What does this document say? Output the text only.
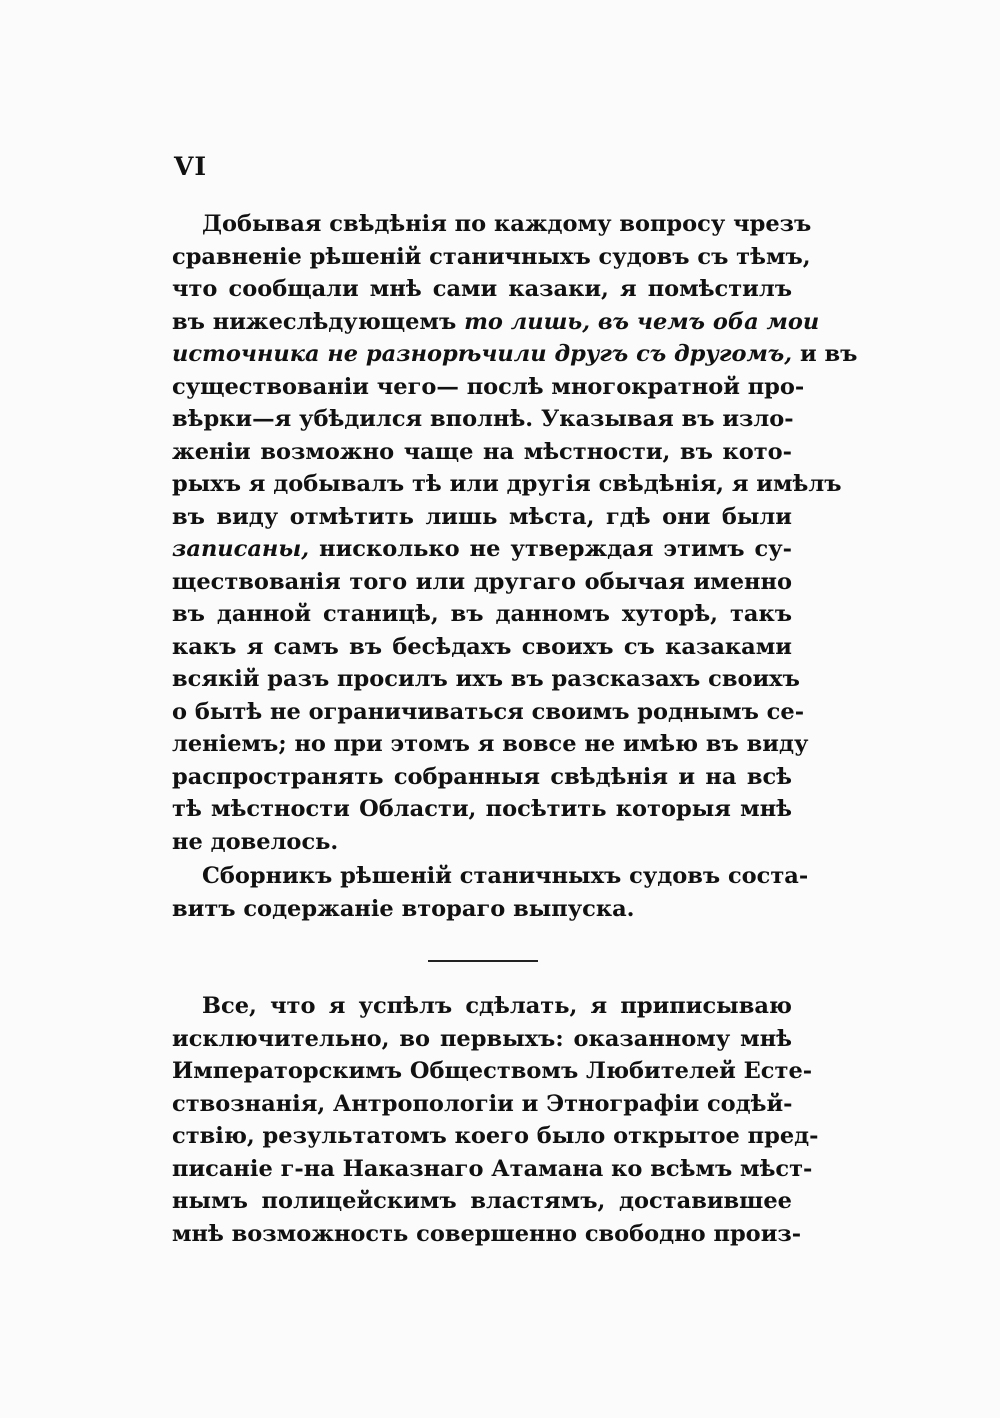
VI
Добывая свѣдѣнія по каждому вопросу чрезъ
сравненіе рѣшеній станичныхъ судовъ съ тѣмъ,
что сообщали мнѣ сами казаки, я помѣстилъ
въ нижеслѣдующемъ то лишь, въ чемъ оба мои
источника не разнорѣчили другъ съ другомъ, и въ
существованіи чего— послѣ многократной про-
вѣрки—я убѣдился вполнѣ. Указывая въ изло-
женіи возможно чаще на мѣстности, въ кото-
рыхъ я добывалъ тѣ или другія свѣдѣнія, я имѣлъ
въ виду отмѣтить лишь мѣста, гдѣ они были
записаны, нисколько не утверждая этимъ су-
ществованія того или другаго обычая именно
въ данной станицѣ, въ данномъ хуторѣ, такъ
какъ я самъ въ бесѣдахъ своихъ съ казаками
всякій разъ просилъ ихъ въ разсказахъ своихъ
о бытѣ не ограничиваться своимъ роднымъ се-
леніемъ; но при этомъ я вовсе не имѣю въ виду
распространять собранныя свѣдѣнія и на всѣ
тѣ мѣстности Области, посѣтить которыя мнѣ
не довелось.
Сборникъ рѣшеній станичныхъ судовъ соста-
витъ содержаніе втораго выпуска.
Все, что я успѣлъ сдѣлать, я приписываю
исключительно, во первыхъ: оказанному мнѣ
Императорскимъ Обществомъ Любителей Есте-
ствознанія, Антропологіи и Этнографіи содѣй-
ствію, результатомъ коего было открытое пред-
писаніе г-на Наказнаго Атамана ко всѣмъ мѣст-
нымъ полицейскимъ властямъ, доставившее
мнѣ возможность совершенно свободно произ-
